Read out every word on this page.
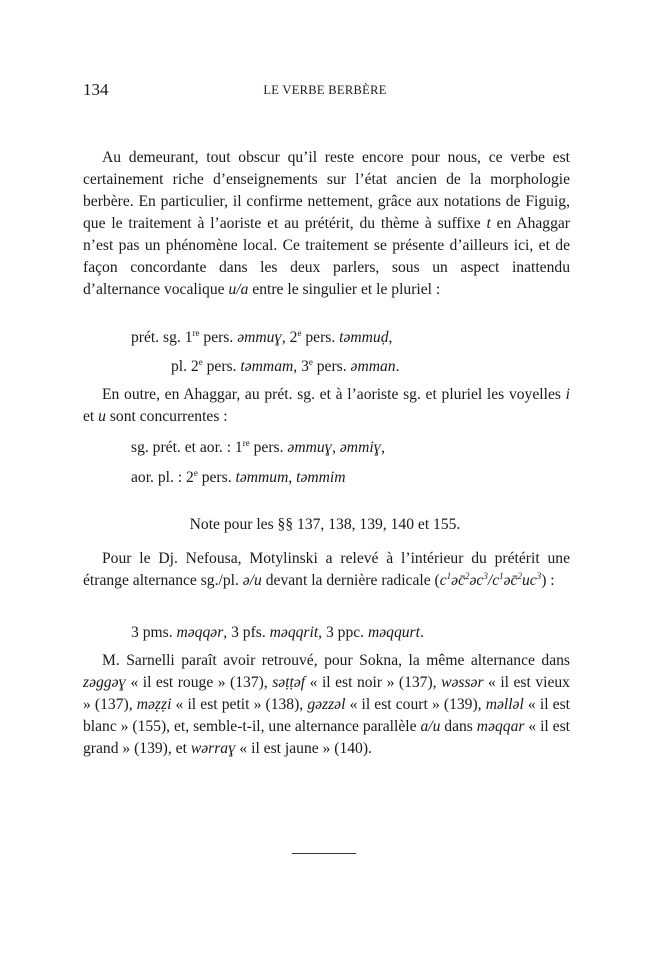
134	LE VERBE BERBÈRE

Au demeurant, tout obscur qu’il reste encore pour nous, ce verbe est certainement riche d’enseignements sur l’état ancien de la morphologie berbère. En particulier, il confirme nettement, grâce aux notations de Figuig, que le traitement à l’aoriste et au prétérit, du thème à suffixe t en Ahaggar n’est pas un phénomène local. Ce traitement se présente d’ailleurs ici, et de façon concordante dans les deux parlers, sous un aspect inattendu d’alternance vocalique u/a entre le singulier et le pluriel :

prét. sg. 1re pers. əmmuɣ, 2e pers. təmmuḍ,
pl. 2e pers. təmmam, 3e pers. əmman.

En outre, en Ahaggar, au prét. sg. et à l’aoriste sg. et pluriel les voyelles i et u sont concurrentes :

sg. prét. et aor. : 1re pers. əmmuɣ, əmmiɣ,
aor. pl. : 2e pers. təmmum, təmmim
Note pour les §§ 137, 138, 139, 140 et 155.

Pour le Dj. Nefousa, Motylinski a relevé à l’intérieur du prétérit une étrange alternance sg./pl. ə/u devant la dernière radicale $(c^1əc̄^2əc^3/c^1əc̄^2uc^3)$ :

3 pms. məqqər, 3 pfs. məqqrit, 3 ppc. məqqurt.

M. Sarnelli paraît avoir retrouvé, pour Sokna, la même alternance dans zəggəɣ « il est rouge » (137), səṭṭəf « il est noir » (137), wəssər « il est vieux » (137), məẓẓi « il est petit » (138), gəzzəl « il est court » (139), məlləl « il est blanc » (155), et, semble-t-il, une alternance parallèle a/u dans məqqar « il est grand » (139), et wərraɣ « il est jaune » (140).
